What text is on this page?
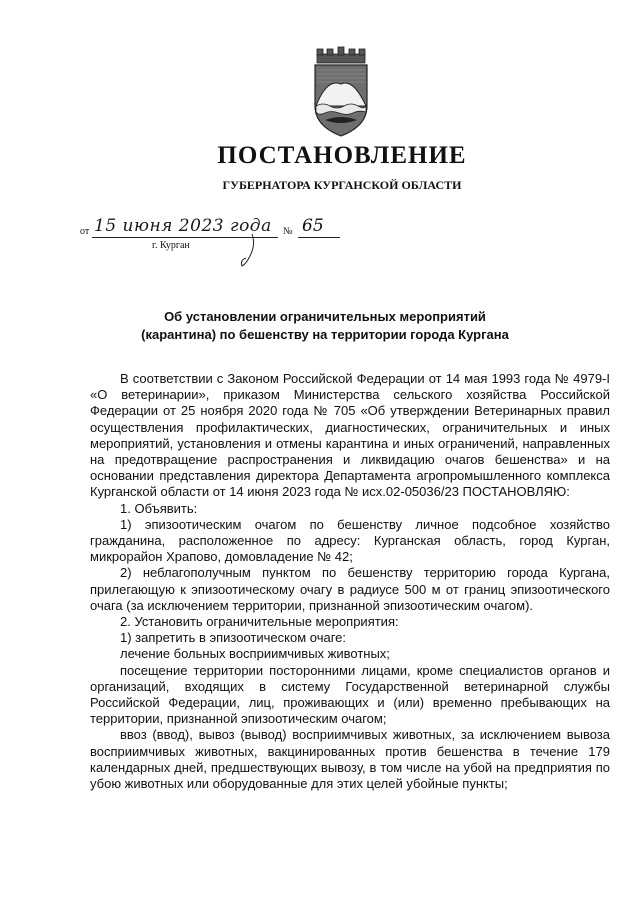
ПОСТАНОВЛЕНИЕ
ГУБЕРНАТОРА КУРГАНСКОЙ ОБЛАСТИ
от 15 июня 2023 года № 65
г. Курган
Об установлении ограничительных мероприятий
(карантина) по бешенству на территории города Кургана

В соответствии с Законом Российской Федерации от 14 мая 1993 года № 4979-I «О ветеринарии», приказом Министерства сельского хозяйства Российской Федерации от 25 ноября 2020 года № 705 «Об утверждении Ветеринарных правил осуществления профилактических, диагностических, ограничительных и иных мероприятий, установления и отмены карантина и иных ограничений, направленных на предотвращение распространения и ликвидацию очагов бешенства» и на основании представления директора Департамента агропромышленного комплекса Курганской области от 14 июня 2023 года № исх.02-05036/23 ПОСТАНОВЛЯЮ:

1. Объявить:

1) эпизоотическим очагом по бешенству личное подсобное хозяйство гражданина, расположенное по адресу: Курганская область, город Курган, микрорайон Храпово, домовладение № 42;

2) неблагополучным пунктом по бешенству территорию города Кургана, прилегающую к эпизоотическому очагу в радиусе 500 м от границ эпизоотического очага (за исключением территории, признанной эпизоотическим очагом).

2. Установить ограничительные мероприятия:

1) запретить в эпизоотическом очаге:

лечение больных восприимчивых животных;

посещение территории посторонними лицами, кроме специалистов органов и организаций, входящих в систему Государственной ветеринарной службы Российской Федерации, лиц, проживающих и (или) временно пребывающих на территории, признанной эпизоотическим очагом;

ввоз (ввод), вывоз (вывод) восприимчивых животных, за исключением вывоза восприимчивых животных, вакцинированных против бешенства в течение 179 календарных дней, предшествующих вывозу, в том числе на убой на предприятия по убою животных или оборудованные для этих целей убойные пункты;
